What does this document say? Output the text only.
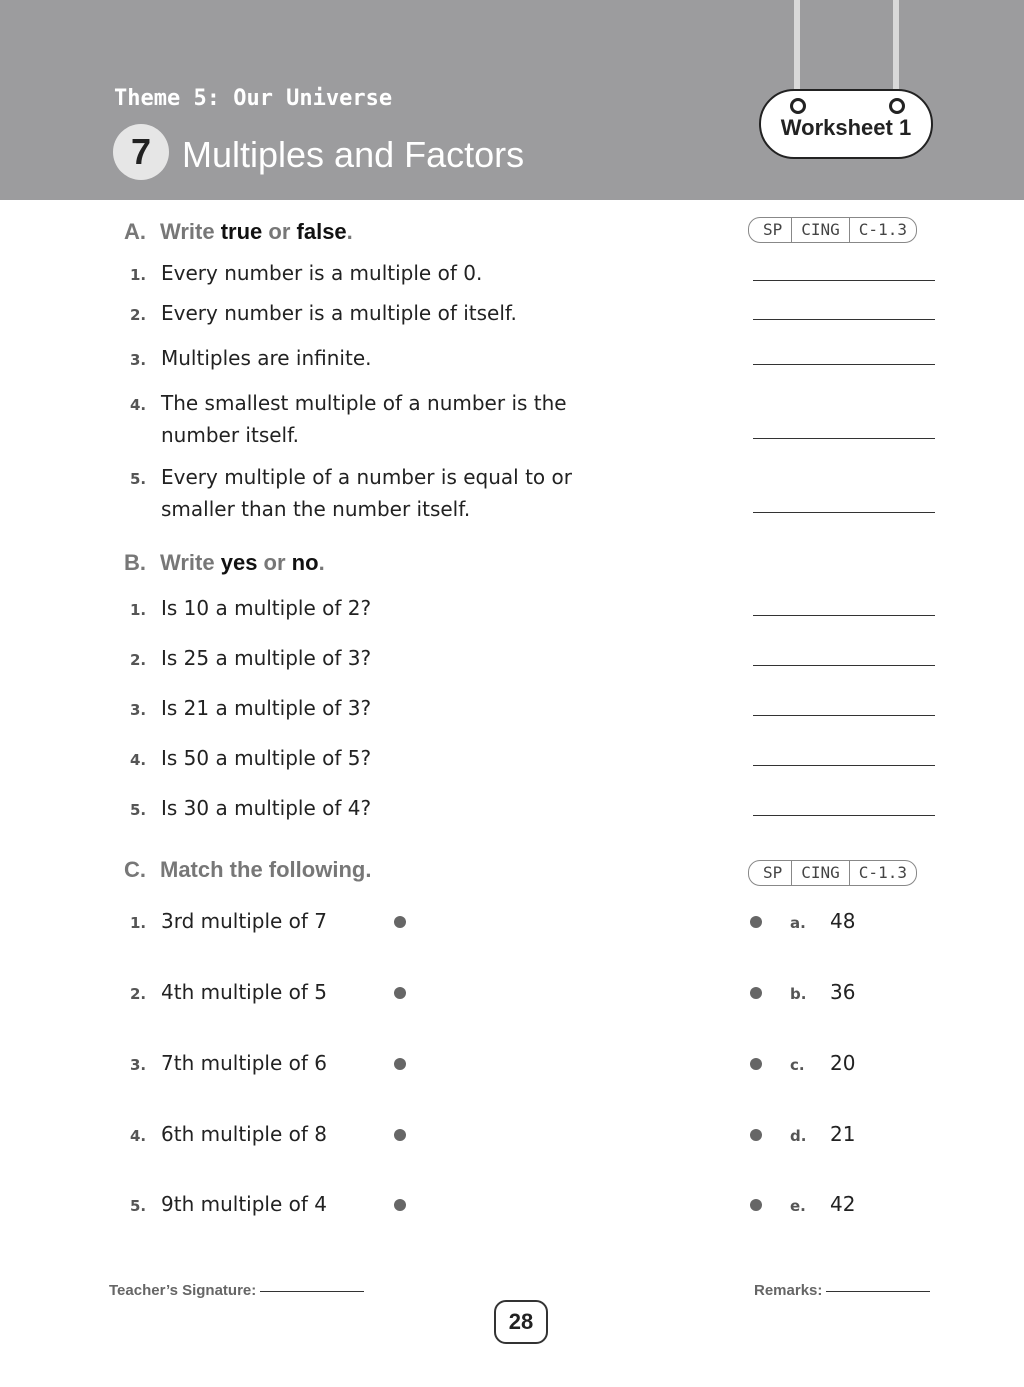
Theme 5: Our Universe
7 Multiples and Factors
Worksheet 1
A. Write true or false.	SP	CING	C-1.3
1. Every number is a multiple of 0.
2. Every number is a multiple of itself.
3. Multiples are infinite.
4. The smallest multiple of a number is the
number itself.
5. Every multiple of a number is equal to or
smaller than the number itself.
B. Write yes or no.
1. Is 10 a multiple of 2?
2. Is 25 a multiple of 3?
3. Is 21 a multiple of 3?
4. Is 50 a multiple of 5?
5. Is 30 a multiple of 4?
C. Match the following.	SP	CING	C-1.3
1. 3rd multiple of 7	a. 48
2. 4th multiple of 5	b. 36
3. 7th multiple of 6	c. 20
4. 6th multiple of 8	d. 21
5. 9th multiple of 4	e. 42
Teacher’s Signature:	Remarks:
28
